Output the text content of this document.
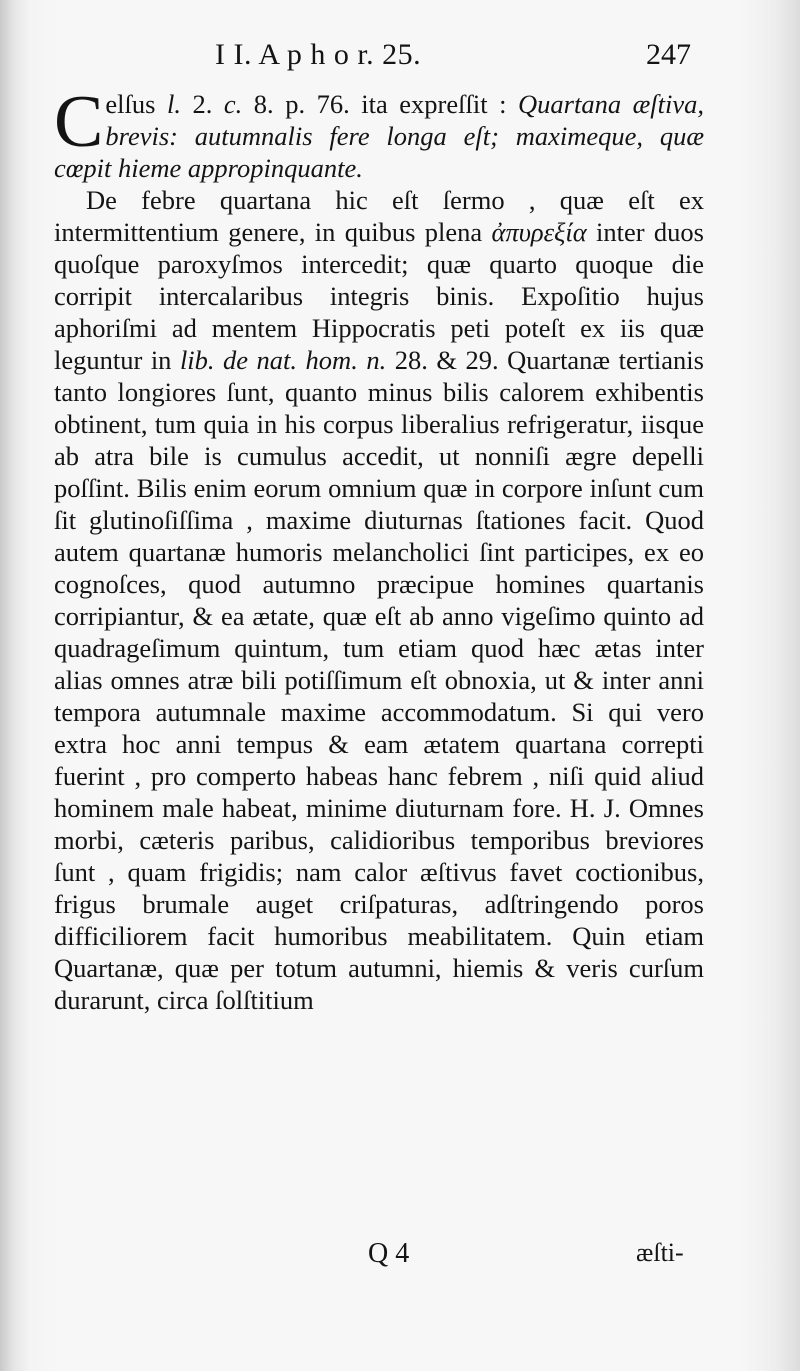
I I. A p h o r. 25.	247

Celſus l. 2. c. 8. p. 76. ita expreſſit : Quartana æſtiva, brevis: autumnalis fere longa eſt; maximeque, quæ cœpit hieme appropinquante.

De febre quartana hic eſt ſermo , quæ eſt ex intermittentium genere, in quibus plena ἀπυρεξία inter duos quoſque paroxyſmos intercedit; quæ quarto quoque die corripit intercalaribus integris binis. Expoſitio hujus aphoriſmi ad mentem Hippocratis peti poteſt ex iis quæ leguntur in lib. de nat. hom. n. 28. & 29. Quartanæ tertianis tanto longiores ſunt, quanto minus bilis calorem exhibentis obtinent, tum quia in his corpus liberalius refrigeratur, iisque ab atra bile is cumulus accedit, ut nonniſi ægre depelli poſſint. Bilis enim eorum omnium quæ in corpore inſunt cum ſit glutinoſiſſima , maxime diuturnas ſtationes facit. Quod autem quartanæ humoris melancholici ſint participes, ex eo cognoſces, quod autumno præcipue homines quartanis corripiantur, & ea ætate, quæ eſt ab anno vigeſimo quinto ad quadrageſimum quintum, tum etiam quod hæc ætas inter alias omnes atræ bili potiſſimum eſt obnoxia, ut & inter anni tempora autumnale maxime accommodatum. Si qui vero extra hoc anni tempus & eam ætatem quartana correpti fuerint , pro comperto habeas hanc febrem , niſi quid aliud hominem male habeat, minime diuturnam fore. H. J. Omnes morbi, cæteris paribus, calidioribus temporibus breviores ſunt , quam frigidis; nam calor æſtivus favet coctionibus, frigus brumale auget criſpaturas, adſtringendo poros difficiliorem facit humoribus meabilitatem. Quin etiam Quartanæ, quæ per totum autumni, hiemis & veris curſum durarunt, circa ſolſtitium

Q 4	æſti-
